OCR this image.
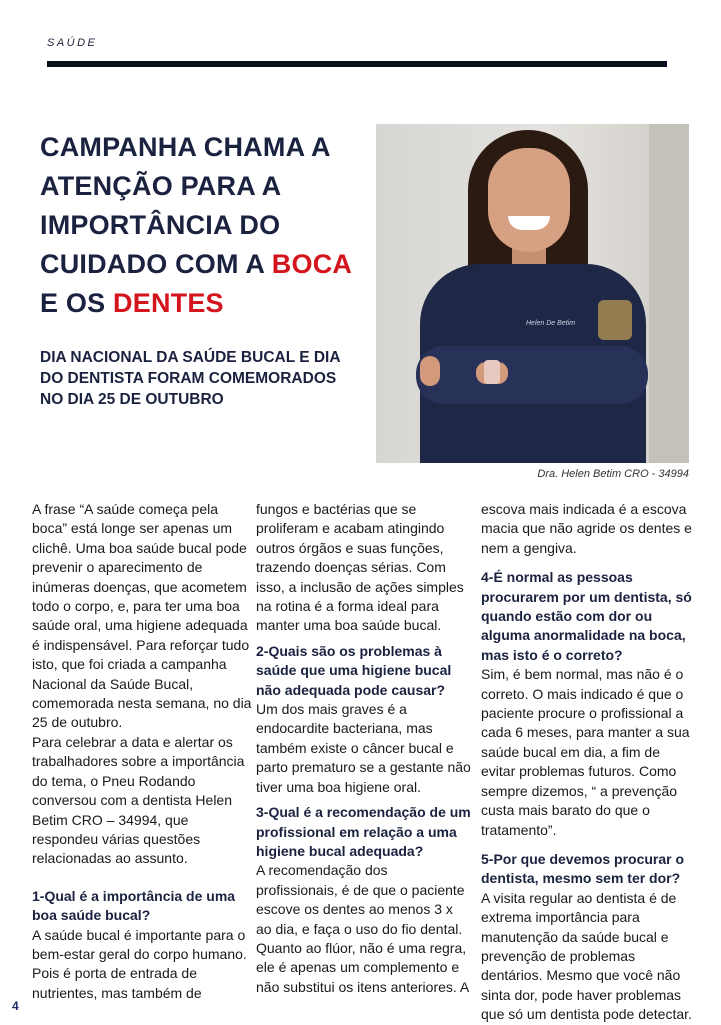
SAÚDE
CAMPANHA CHAMA A ATENÇÃO PARA A IMPORTÂNCIA DO CUIDADO COM A BOCA E OS DENTES
DIA NACIONAL DA SAÚDE BUCAL E DIA DO DENTISTA FORAM COMEMORADOS NO DIA 25 DE OUTUBRO
Helen De Betim
Dra. Helen Betim CRO - 34994

A frase “A saúde começa pela boca” está longe ser apenas um clichê. Uma boa saúde bucal pode prevenir o aparecimento de inúmeras doenças, que acometem todo o corpo, e, para ter uma boa saúde oral, uma higiene adequada é indispensável. Para reforçar tudo isto, que foi criada a campanha Nacional da Saúde Bucal, comemorada nesta semana, no dia 25 de outubro.

Para celebrar a data e alertar os trabalhadores sobre a importância do tema, o Pneu Rodando conversou com a dentista Helen Betim CRO – 34994, que respondeu várias questões relacionadas ao assunto.

1-Qual é a importância de uma boa saúde bucal?

A saúde bucal é importante para o bem-estar geral do corpo humano. Pois é porta de entrada de nutrientes, mas também de

fungos e bactérias que se proliferam e acabam atingindo outros órgãos e suas funções, trazendo doenças sérias. Com isso, a inclusão de ações simples na rotina é a forma ideal para manter uma boa saúde bucal.

2-Quais são os problemas à saúde que uma higiene bucal não adequada pode causar?

Um dos mais graves é a endocardite bacteriana, mas também existe o câncer bucal e parto prematuro se a gestante não tiver uma boa higiene oral.

3-Qual é a recomendação de um profissional em relação a uma higiene bucal adequada?

A recomendação dos profissionais, é de que o paciente escove os dentes ao menos 3 x ao dia, e faça o uso do fio dental. Quanto ao flúor, não é uma regra, ele é apenas um complemento e não substitui os itens anteriores. A

escova mais indicada é a escova macia que não agride os dentes e nem a gengiva.

4-É normal as pessoas procurarem por um dentista, só quando estão com dor ou alguma anormalidade na boca, mas isto é o correto?

Sim, é bem normal, mas não é o correto. O mais indicado é que o paciente procure o profissional a cada 6 meses, para manter a sua saúde bucal em dia, a fim de evitar problemas futuros. Como sempre dizemos, “ a prevenção custa mais barato do que o tratamento”.

5-Por que devemos procurar o dentista, mesmo sem ter dor?

A visita regular ao dentista é de extrema importância para manutenção da saúde bucal e prevenção de problemas dentários. Mesmo que você não sinta dor, pode haver problemas que só um dentista pode detectar.

4
